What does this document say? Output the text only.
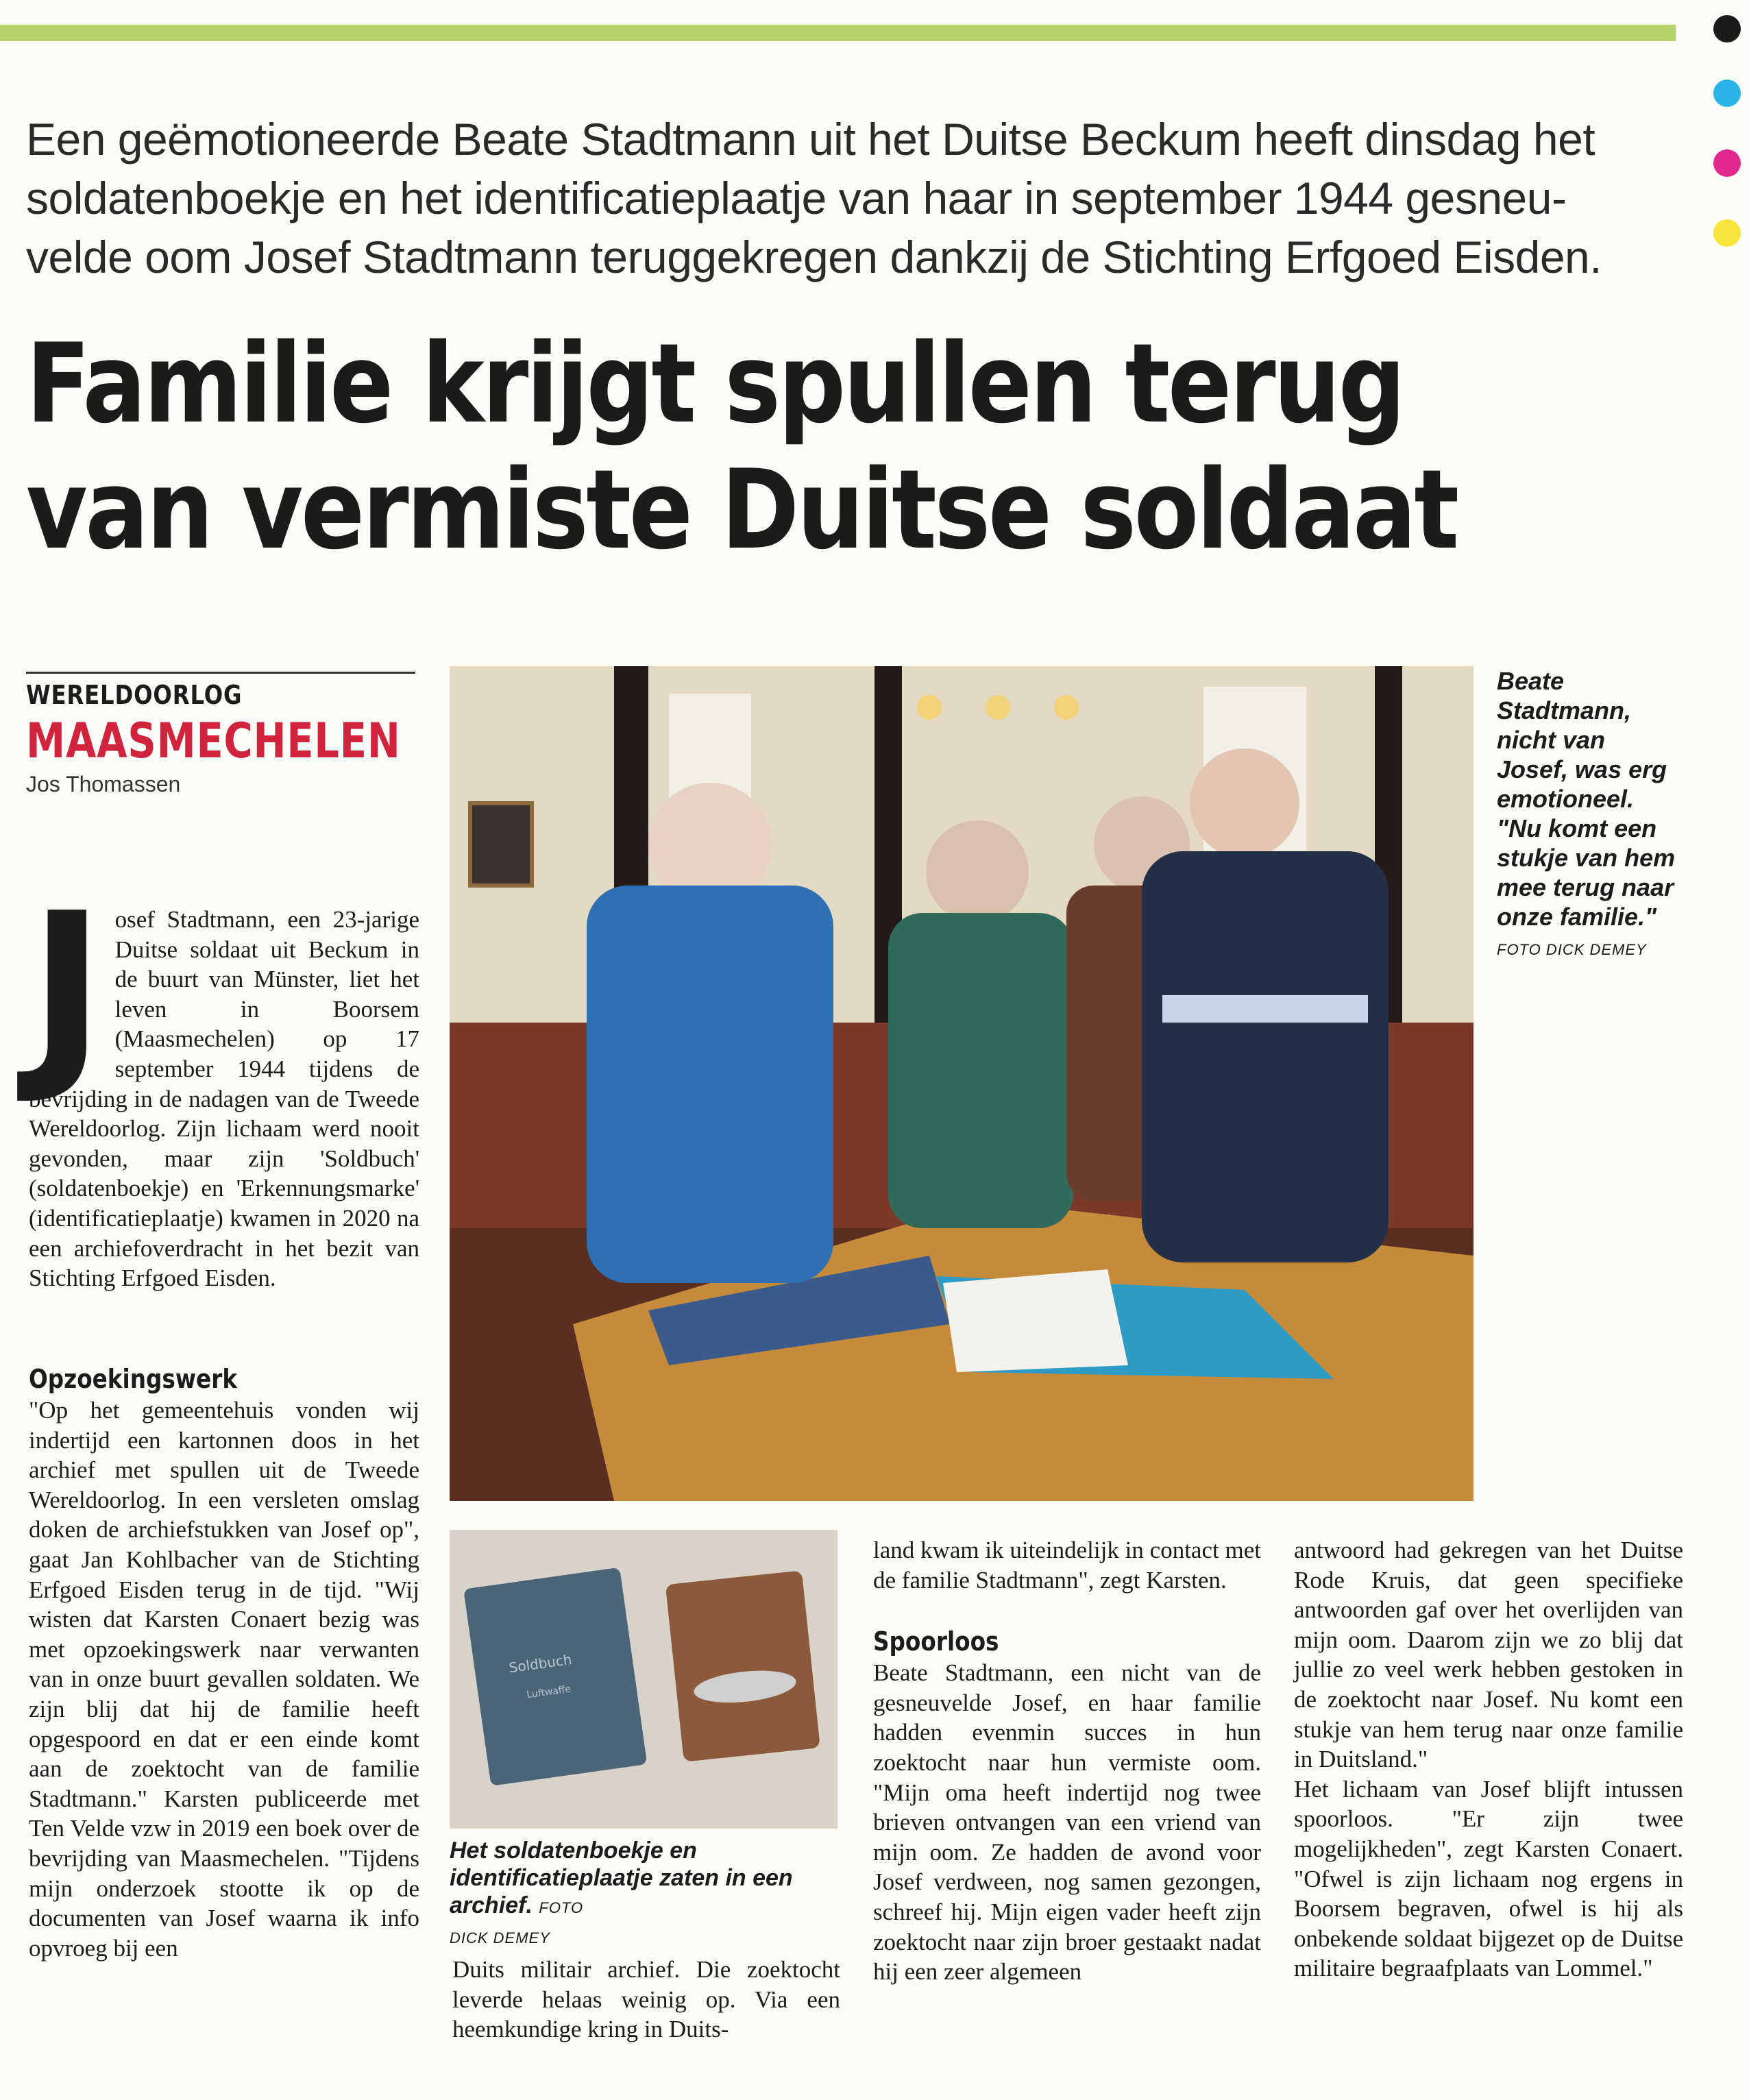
Een geëmotioneerde Beate Stadtmann uit het Duitse Beckum heeft dinsdag het soldatenboekje en het identificatieplaatje van haar in september 1944 gesneu-velde oom Josef Stadtmann teruggekregen dankzij de Stichting Erfgoed Eisden.
Familie krijgt spullen terug
van vermiste Duitse soldaat
WERELDOORLOG
MAASMECHELEN
Jos Thomassen
J osef Stadtmann, een 23-jarige Duitse soldaat uit Beckum in de buurt van Münster, liet het leven in Boorsem (Maasmechelen) op 17 september 1944 tijdens de bevrijding in de nadagen van de Tweede Wereldoorlog. Zijn lichaam werd nooit gevonden, maar zijn 'Soldbuch' (soldatenboekje) en 'Erkennungsmarke' (identificatieplaatje) kwamen in 2020 na een archiefoverdracht in het bezit van Stichting Erfgoed Eisden.
Opzoekingswerk

"Op het gemeentehuis vonden wij indertijd een kartonnen doos in het archief met spullen uit de Tweede Wereldoorlog. In een versleten omslag doken de archiefstukken van Josef op", gaat Jan Kohlbacher van de Stichting Erfgoed Eisden terug in de tijd. "Wij wisten dat Karsten Conaert bezig was met opzoekingswerk naar verwanten van in onze buurt gevallen soldaten. We zijn blij dat hij de familie heeft opgespoord en dat er een einde komt aan de zoektocht van de familie Stadtmann." Karsten publiceerde met Ten Velde vzw in 2019 een boek over de bevrijding van Maasmechelen. "Tijdens mijn onderzoek stootte ik op de documenten van Josef waarna ik info opvroeg bij een

Beate Stadtmann, nicht van Josef, was erg emotioneel. "Nu komt een stukje van hem mee terug naar onze familie." FOTO DICK DEMEY
Soldbuch
Luftwaffe
Het soldatenboekje en identificatieplaatje zaten in een archief. FOTO
DICK DEMEY

Duits militair archief. Die zoektocht leverde helaas weinig op. Via een heemkundige kring in Duits-

land kwam ik uiteindelijk in contact met de familie Stadtmann", zegt Karsten.

Spoorloos

Beate Stadtmann, een nicht van de gesneuvelde Josef, en haar familie hadden evenmin succes in hun zoektocht naar hun vermiste oom. "Mijn oma heeft indertijd nog twee brieven ontvangen van een vriend van mijn oom. Ze hadden de avond voor Josef verdween, nog samen gezongen, schreef hij. Mijn eigen vader heeft zijn zoektocht naar zijn broer gestaakt nadat hij een zeer algemeen

antwoord had gekregen van het Duitse Rode Kruis, dat geen specifieke antwoorden gaf over het overlijden van mijn oom. Daarom zijn we zo blij dat jullie zo veel werk hebben gestoken in de zoektocht naar Josef. Nu komt een stukje van hem terug naar onze familie in Duitsland."

Het lichaam van Josef blijft intussen spoorloos. "Er zijn twee mogelijkheden", zegt Karsten Conaert. "Ofwel is zijn lichaam nog ergens in Boorsem begraven, ofwel is hij als onbekende soldaat bijgezet op de Duitse militaire begraafplaats van Lommel."
